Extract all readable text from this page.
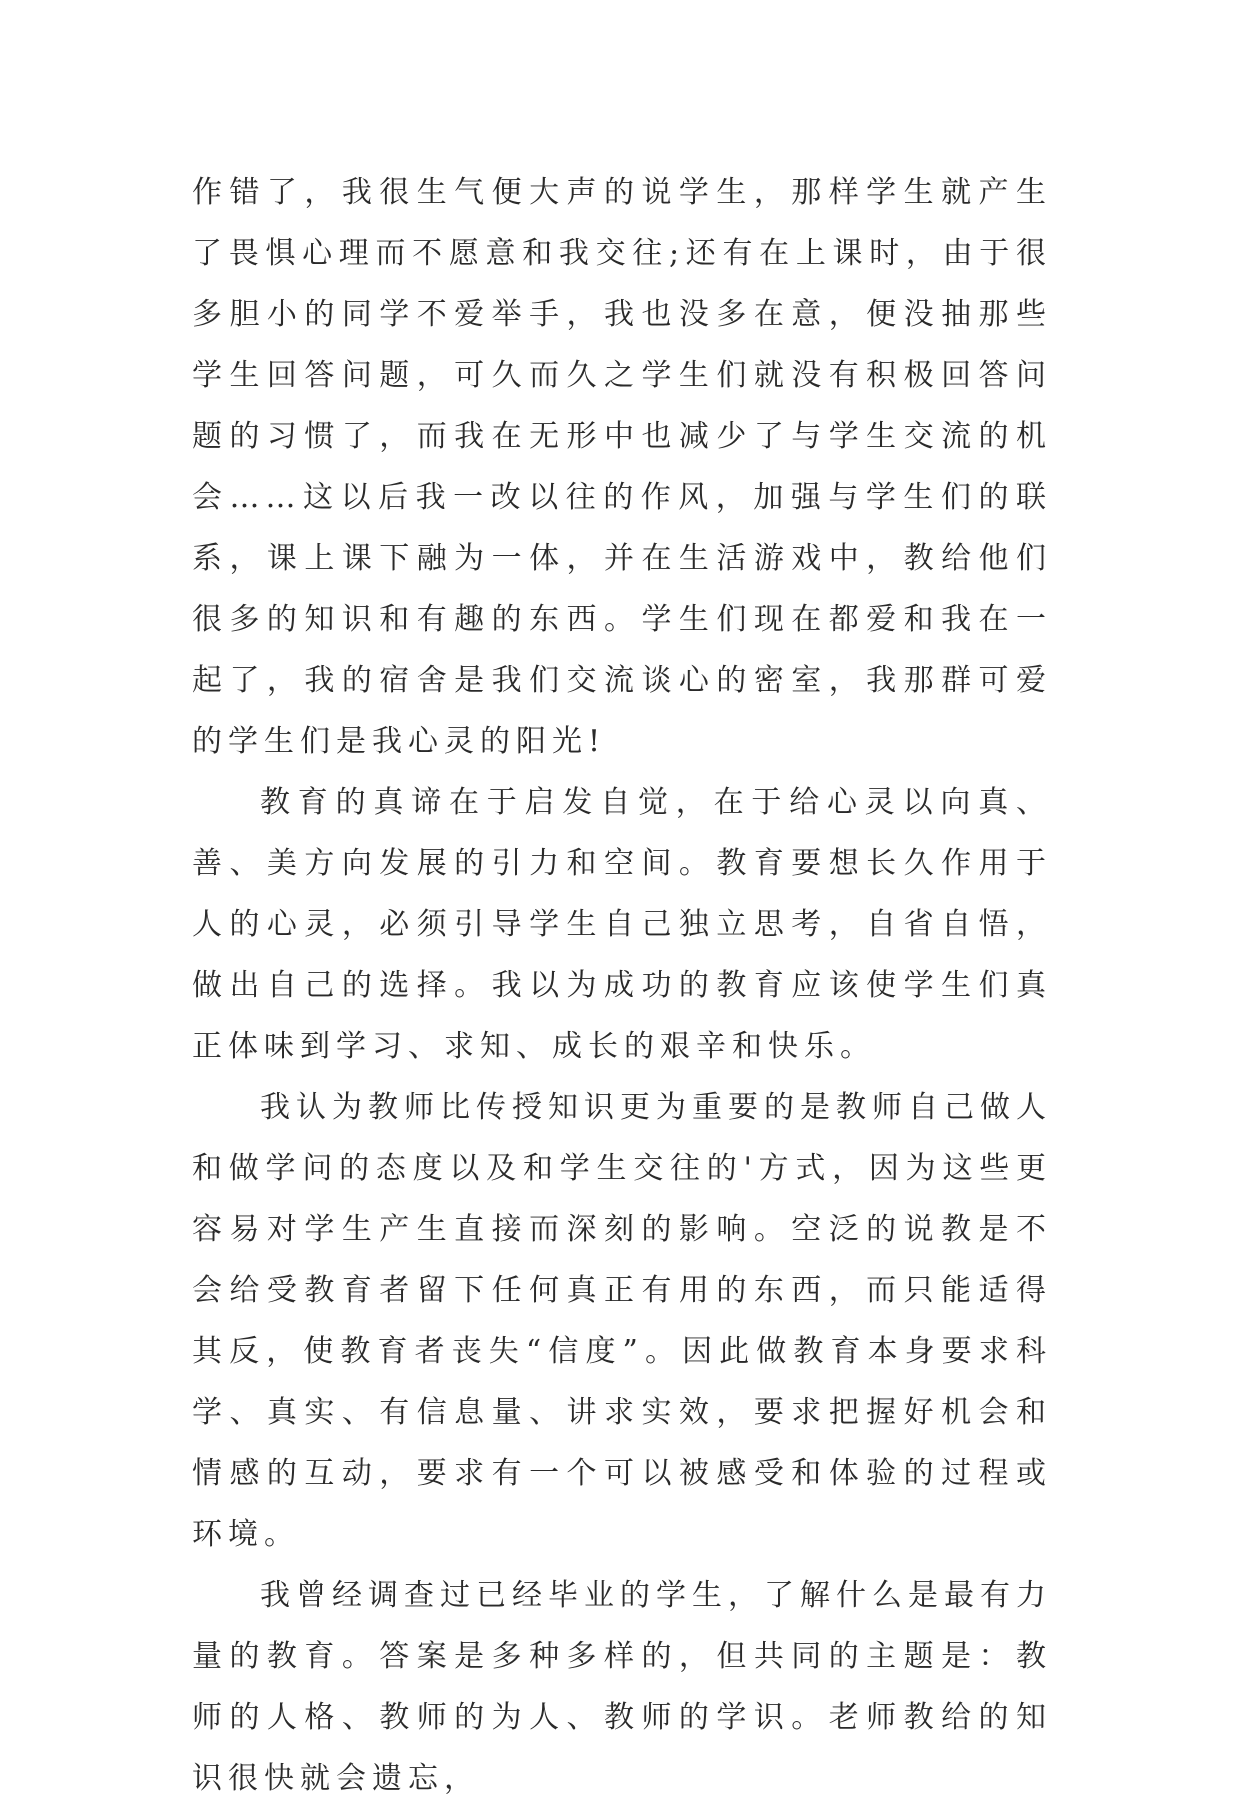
作错了，我很生气便大声的说学生，那样学生就产生了畏惧心理而不愿意和我交往;还有在上课时，由于很多胆小的同学不爱举手，我也没多在意，便没抽那些学生回答问题，可久而久之学生们就没有积极回答问题的习惯了，而我在无形中也减少了与学生交流的机会……这以后我一改以往的作风，加强与学生们的联系，课上课下融为一体，并在生活游戏中，教给他们很多的知识和有趣的东西。学生们现在都爱和我在一起了，我的宿舍是我们交流谈心的密室，我那群可爱的学生们是我心灵的阳光!

教育的真谛在于启发自觉，在于给心灵以向真、善、美方向发展的引力和空间。教育要想长久作用于人的心灵，必须引导学生自己独立思考，自省自悟，做出自己的选择。我以为成功的教育应该使学生们真正体味到学习、求知、成长的艰辛和快乐。

我认为教师比传授知识更为重要的是教师自己做人和做学问的态度以及和学生交往的'方式，因为这些更容易对学生产生直接而深刻的影响。空泛的说教是不会给受教育者留下任何真正有用的东西，而只能适得其反，使教育者丧失“信度”。因此做教育本身要求科学、真实、有信息量、讲求实效，要求把握好机会和情感的互动，要求有一个可以被感受和体验的过程或环境。

我曾经调查过已经毕业的学生，了解什么是最有力量的教育。答案是多种多样的，但共同的主题是：教师的人格、教师的为人、教师的学识。老师教给的知识很快就会遗忘，
